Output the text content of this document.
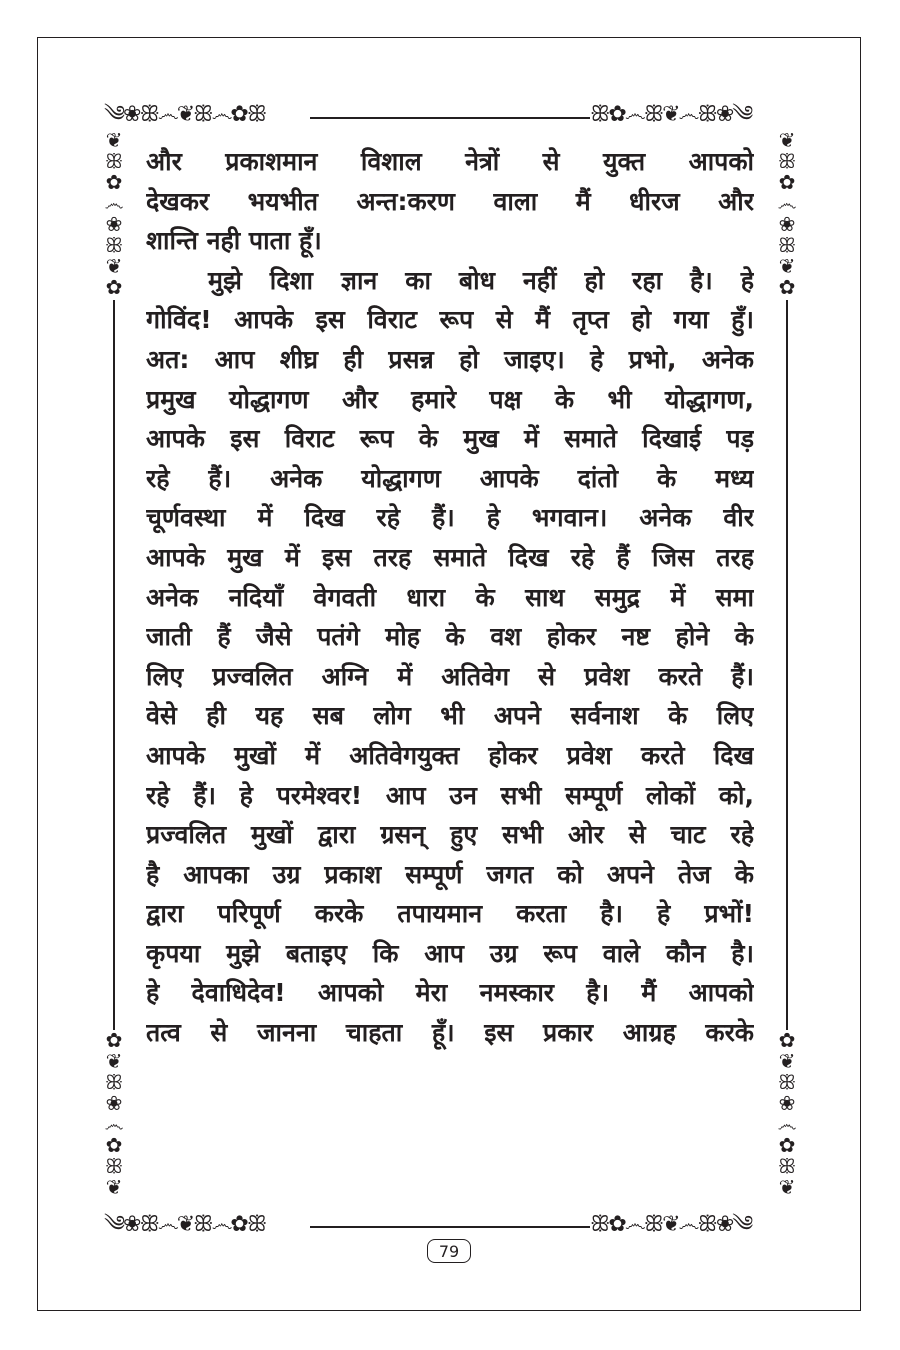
༄❀ꕥ෴❦ꕥ෴✿ꕥ	ꕥ✿෴ꕥ❦෴ꕥ❀༄
༄❀ꕥ෴❦ꕥ෴✿ꕥ	ꕥ✿෴ꕥ❦෴ꕥ❀༄
❦
ꕥ
✿
෴
❀
ꕥ
❦
✿
❦
ꕥ
✿
෴
❀
ꕥ
❦
✿
✿
❦
ꕥ
❀
෴
✿
ꕥ
❦
✿
❦
ꕥ
❀
෴
✿
ꕥ
❦
और प्रकाशमान विशाल नेत्रों से युक्त आपको
देखकर भयभीत अन्त:करण वाला मैं धीरज और
शान्ति नही पाता हूँ।
मुझे दिशा ज्ञान का बोध नहीं हो रहा है। हे
गोविंद! आपके इस विराट रूप से मैं तृप्त हो गया हुँ।
अत: आप शीघ्र ही प्रसन्न हो जाइए। हे प्रभो, अनेक
प्रमुख योद्धागण और हमारे पक्ष के भी योद्धागण,
आपके इस विराट रूप के मुख में समाते दिखाई पड़
रहे हैं। अनेक योद्धागण आपके दांतो के मध्य
चूर्णवस्था में दिख रहे हैं। हे भगवान। अनेक वीर
आपके मुख में इस तरह समाते दिख रहे हैं जिस तरह
अनेक नदियाँ वेगवती धारा के साथ समुद्र में समा
जाती हैं जैसे पतंगे मोह के वश होकर नष्ट होने के
लिए प्रज्वलित अग्नि में अतिवेग से प्रवेश करते हैं।
वेसे ही यह सब लोग भी अपने सर्वनाश के लिए
आपके मुखों में अतिवेगयुक्त होकर प्रवेश करते दिख
रहे हैं। हे परमेश्वर! आप उन सभी सम्पूर्ण लोकों को,
प्रज्वलित मुखों द्वारा ग्रसन् हुए सभी ओर से चाट रहे
है आपका उग्र प्रकाश सम्पूर्ण जगत को अपने तेज के
द्वारा परिपूर्ण करके तपायमान करता है। हे प्रभों!
कृपया मुझे बताइए कि आप उग्र रूप वाले कौन है।
हे देवाधिदेव! आपको मेरा नमस्कार है। मैं आपको
तत्व से जानना चाहता हूँ। इस प्रकार आग्रह करके
79
